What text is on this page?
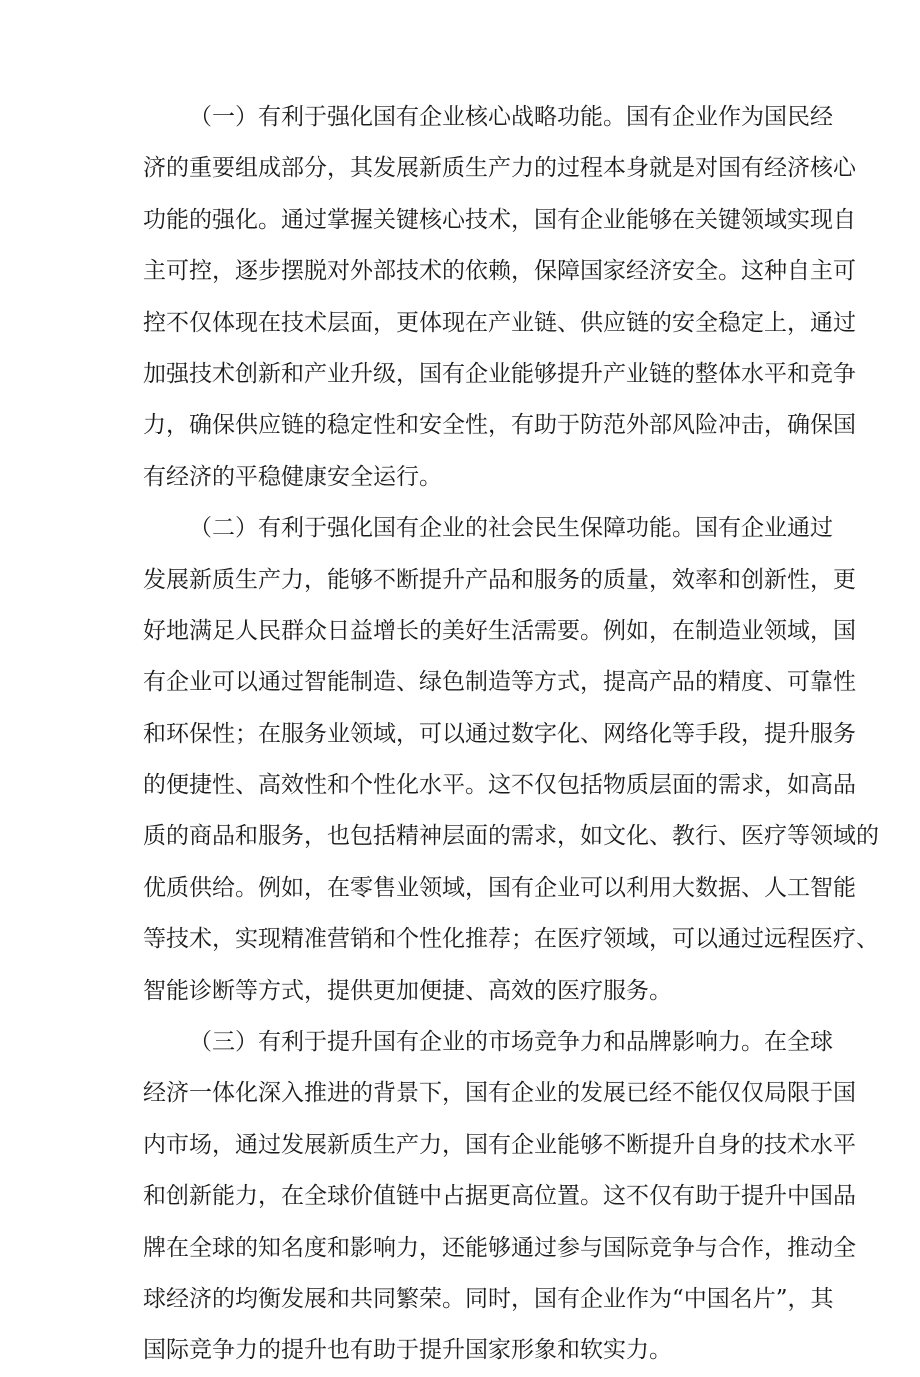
（一）有利于强化国有企业核心战略功能。国有企业作为国民经
济的重要组成部分，其发展新质生产力的过程本身就是对国有经济核心
功能的强化。通过掌握关键核心技术，国有企业能够在关键领域实现自
主可控，逐步摆脱对外部技术的依赖，保障国家经济安全。这种自主可
控不仅体现在技术层面，更体现在产业链、供应链的安全稳定上，通过
加强技术创新和产业升级，国有企业能够提升产业链的整体水平和竞争
力，确保供应链的稳定性和安全性，有助于防范外部风险冲击，确保国
有经济的平稳健康安全运行。
（二）有利于强化国有企业的社会民生保障功能。国有企业通过
发展新质生产力，能够不断提升产品和服务的质量，效率和创新性，更
好地满足人民群众日益增长的美好生活需要。例如，在制造业领域，国
有企业可以通过智能制造、绿色制造等方式，提高产品的精度、可靠性
和环保性；在服务业领域，可以通过数字化、网络化等手段，提升服务
的便捷性、高效性和个性化水平。这不仅包括物质层面的需求，如高品
质的商品和服务，也包括精神层面的需求，如文化、教行、医疗等领域的
优质供给。例如，在零售业领域，国有企业可以利用大数据、人工智能
等技术，实现精准营销和个性化推荐；在医疗领域，可以通过远程医疗、
智能诊断等方式，提供更加便捷、高效的医疗服务。
（三）有利于提升国有企业的市场竞争力和品牌影响力。在全球
经济一体化深入推进的背景下，国有企业的发展已经不能仅仅局限于国
内市场，通过发展新质生产力，国有企业能够不断提升自身的技术水平
和创新能力，在全球价值链中占据更高位置。这不仅有助于提升中国品
牌在全球的知名度和影响力，还能够通过参与国际竞争与合作，推动全
球经济的均衡发展和共同繁荣。同时，国有企业作为“中国名片”，其
国际竞争力的提升也有助于提升国家形象和软实力。
